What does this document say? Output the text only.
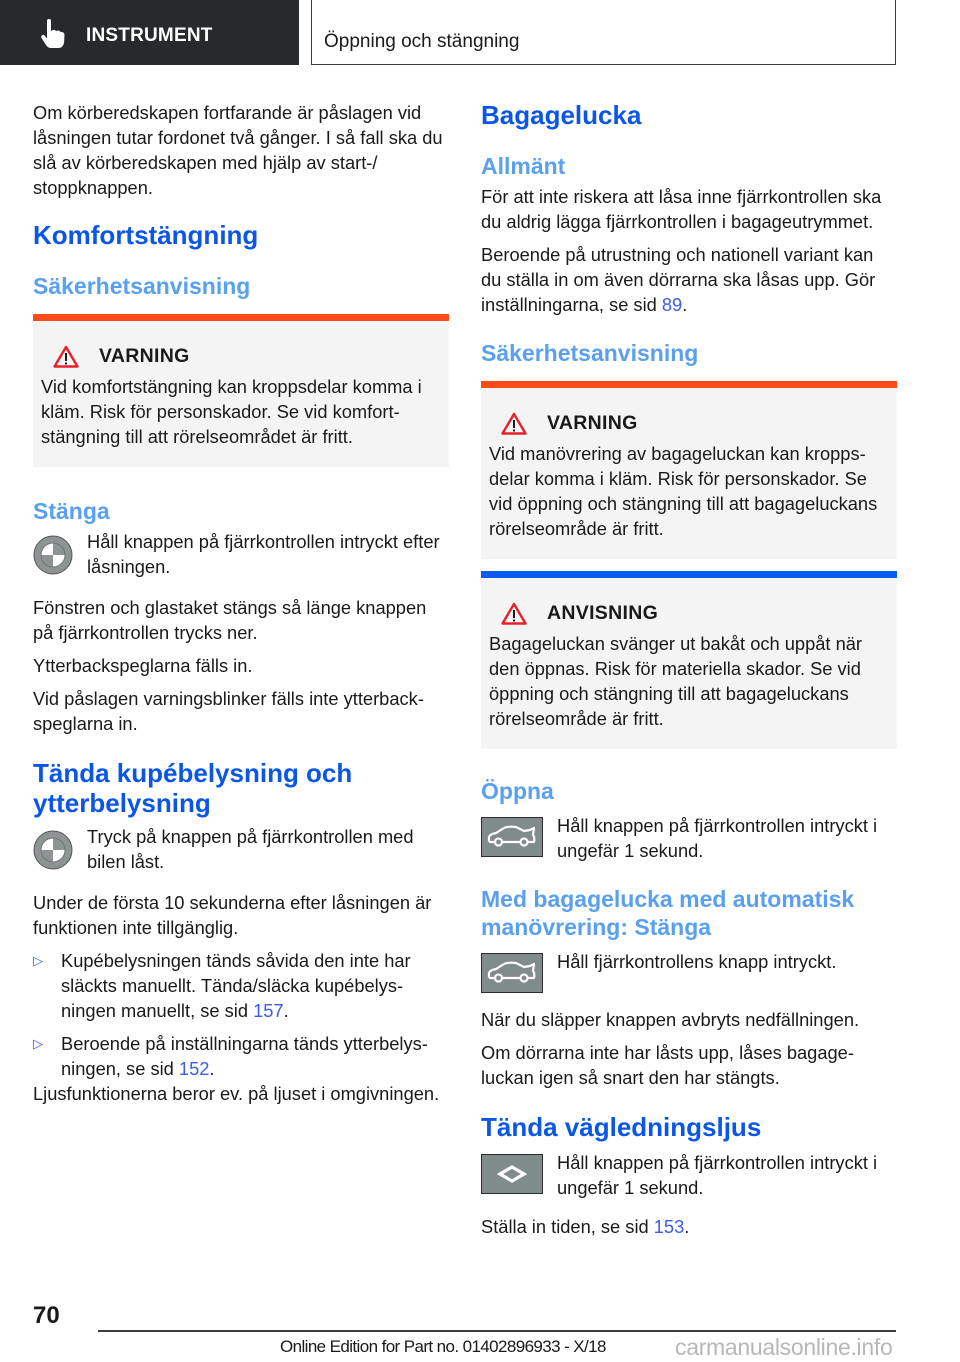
INSTRUMENT	Öppning och stängning

Om körberedskapen fortfarande är påslagen vid låsningen tutar fordonet två gånger. I så fall ska du slå av körberedskapen med hjälp av start-/ stoppknappen.

Komfortstängning
Säkerhetsanvisning
VARNING

Vid komfortstängning kan kroppsdelar komma i kläm. Risk för personskador. Se vid komfortstängning till att rörelseområdet är fritt.

Stänga
Håll knappen på fjärrkontrollen intryckt efter låsningen.

Fönstren och glastaket stängs så länge knappen på fjärrkontrollen trycks ner.

Ytterbackspeglarna fälls in.

Vid påslagen varningsblinker fälls inte ytterbackspeglarna in.

Tända kupébelysning och ytterbelysning
Tryck på knappen på fjärrkontrollen med bilen låst.

Under de första 10 sekunderna efter låsningen är funktionen inte tillgänglig.

▷ Kupébelysningen tänds såvida den inte har släckts manuellt. Tända/släcka kupébelysningen manuellt, se sid 157.
▷ Beroende på inställningarna tänds ytterbelysningen, se sid 152.

Ljusfunktionerna beror ev. på ljuset i omgivningen.

Bagagelucka
Allmänt

För att inte riskera att låsa inne fjärrkontrollen ska du aldrig lägga fjärrkontrollen i bagageutrymmet.

Beroende på utrustning och nationell variant kan du ställa in om även dörrarna ska låsas upp. Gör inställningarna, se sid 89.

Säkerhetsanvisning
VARNING

Vid manövrering av bagageluckan kan kroppsdelar komma i kläm. Risk för personskador. Se vid öppning och stängning till att bagageluckans rörelseområde är fritt.

ANVISNING

Bagageluckan svänger ut bakåt och uppåt när den öppnas. Risk för materiella skador. Se vid öppning och stängning till att bagageluckans rörelseområde är fritt.

Öppna
Håll knappen på fjärrkontrollen intryckt i ungefär 1 sekund.
Med bagagelucka med automatisk manövrering: Stänga
Håll fjärrkontrollens knapp intryckt.

När du släpper knappen avbryts nedfällningen.

Om dörrarna inte har låsts upp, låses bagageluckan igen så snart den har stängts.

Tända vägledningsljus
Håll knappen på fjärrkontrollen intryckt i ungefär 1 sekund.

Ställa in tiden, se sid 153.

70
Online Edition for Part no. 01402896933 - X/18	carmanualsonline.info
